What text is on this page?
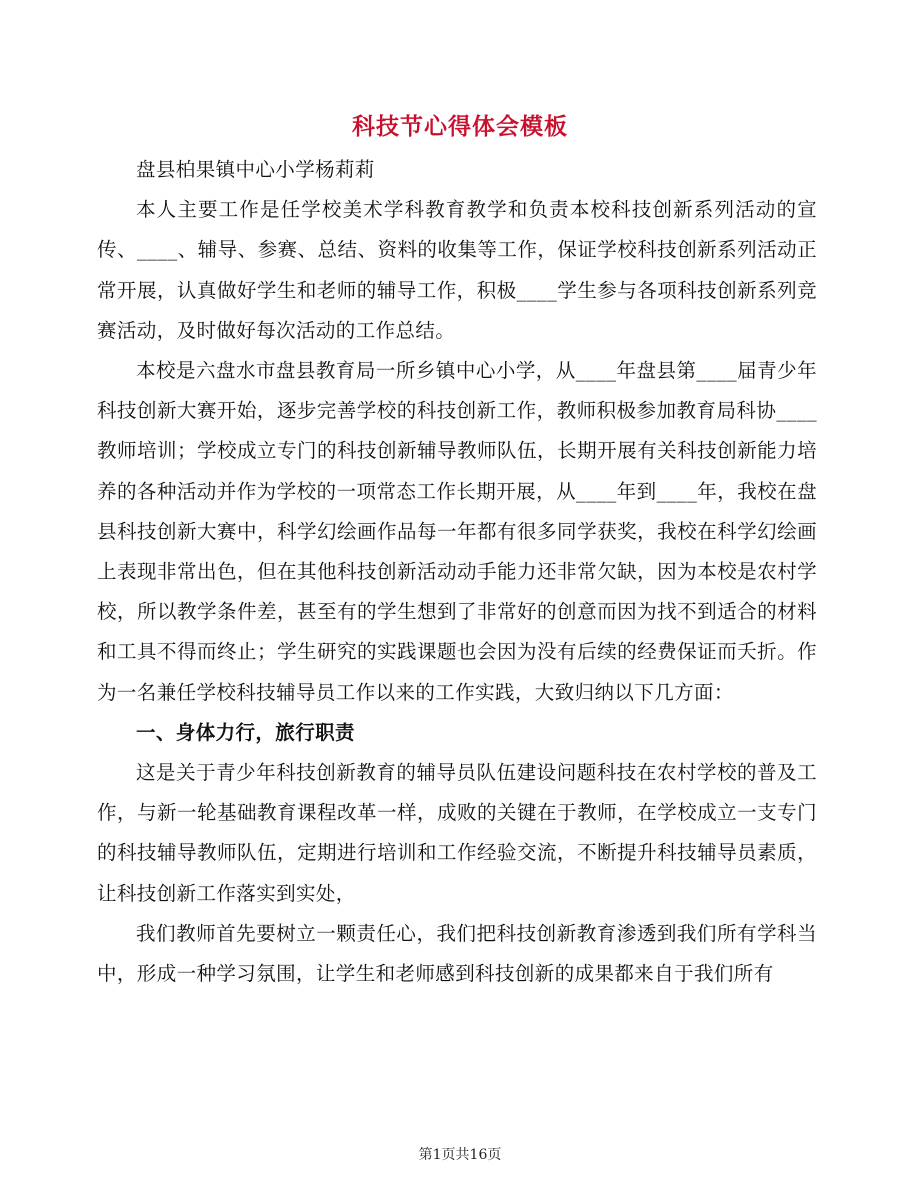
科技节心得体会模板

盘县柏果镇中心小学杨莉莉

本人主要工作是任学校美术学科教育教学和负责本校科技创新系列活动的宣传、____、辅导、参赛、总结、资料的收集等工作，保证学校科技创新系列活动正常开展，认真做好学生和老师的辅导工作，积极____学生参与各项科技创新系列竞赛活动，及时做好每次活动的工作总结。

本校是六盘水市盘县教育局一所乡镇中心小学，从____年盘县第____届青少年科技创新大赛开始，逐步完善学校的科技创新工作，教师积极参加教育局科协____教师培训；学校成立专门的科技创新辅导教师队伍，长期开展有关科技创新能力培养的各种活动并作为学校的一项常态工作长期开展，从____年到____年，我校在盘县科技创新大赛中，科学幻绘画作品每一年都有很多同学获奖，我校在科学幻绘画上表现非常出色，但在其他科技创新活动动手能力还非常欠缺，因为本校是农村学校，所以教学条件差，甚至有的学生想到了非常好的创意而因为找不到适合的材料和工具不得而终止；学生研究的实践课题也会因为没有后续的经费保证而夭折。作为一名兼任学校科技辅导员工作以来的工作实践，大致归纳以下几方面：

一、身体力行，旅行职责

这是关于青少年科技创新教育的辅导员队伍建设问题科技在农村学校的普及工作，与新一轮基础教育课程改革一样，成败的关键在于教师，在学校成立一支专门的科技辅导教师队伍，定期进行培训和工作经验交流，不断提升科技辅导员素质，让科技创新工作落实到实处，

我们教师首先要树立一颗责任心，我们把科技创新教育渗透到我们所有学科当中，形成一种学习氛围，让学生和老师感到科技创新的成果都来自于我们所有

第1页共16页
